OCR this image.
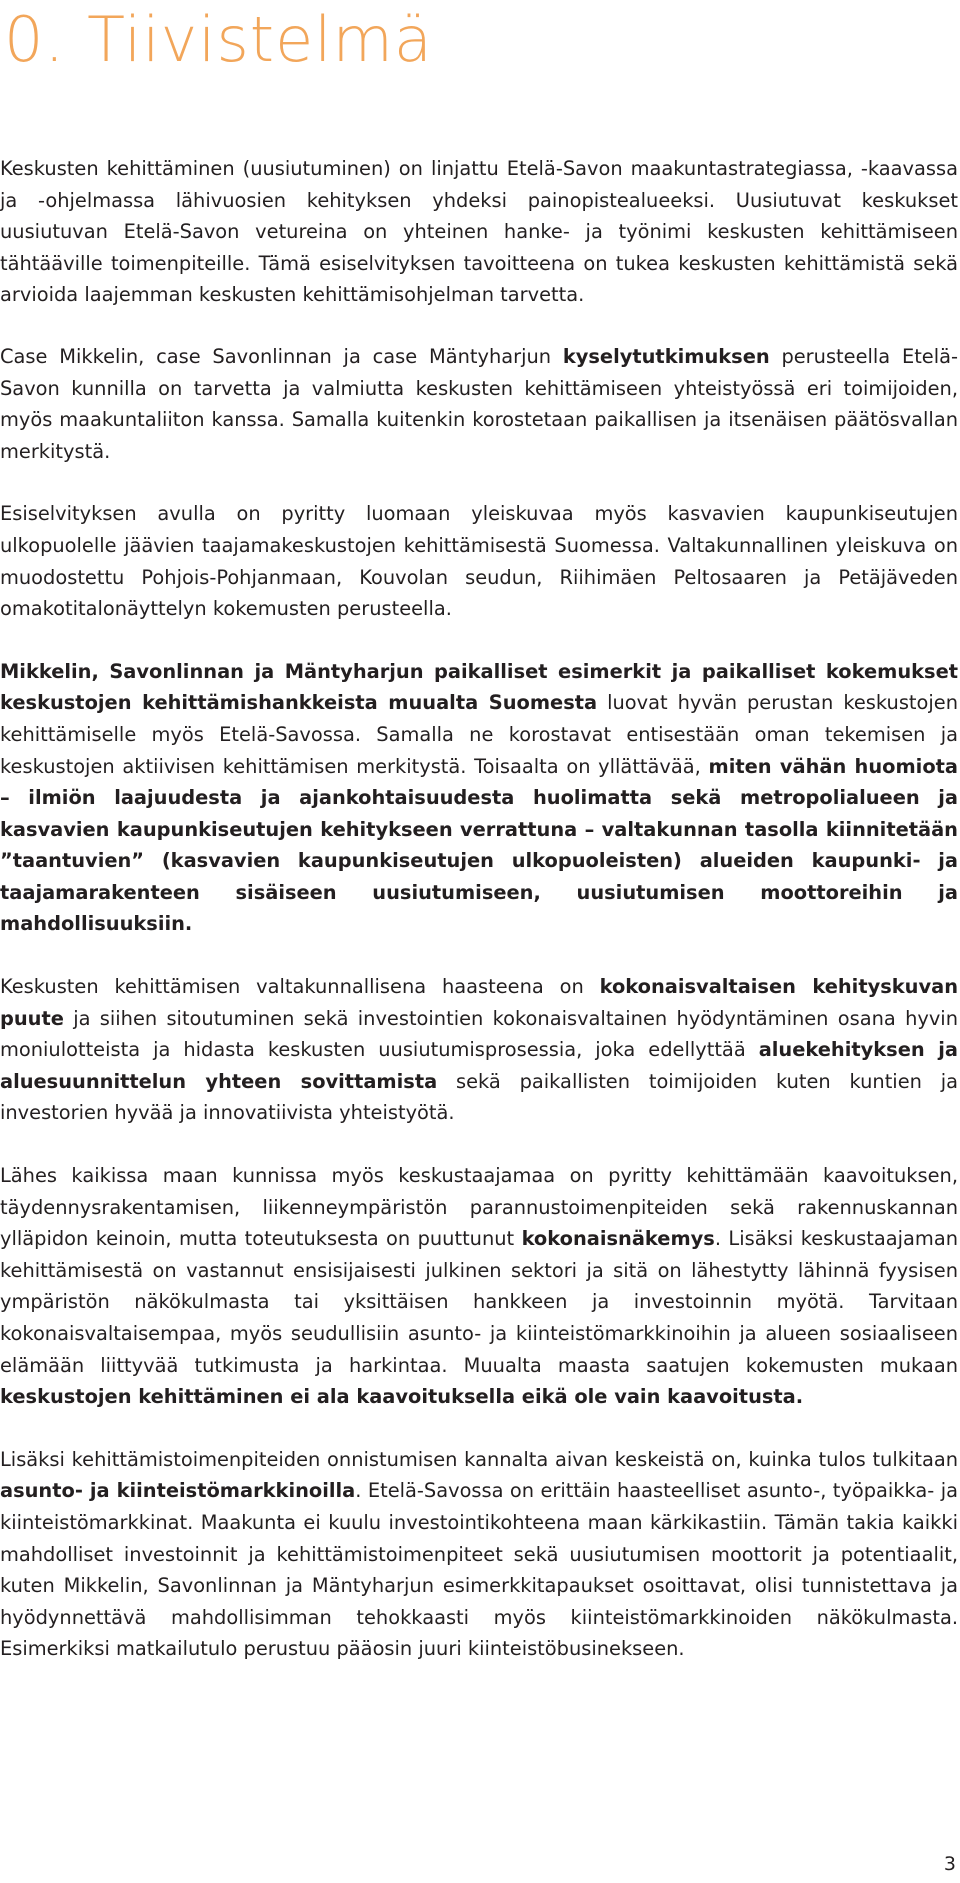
0. Tiivistelmä

Keskusten kehittäminen (uusiutuminen) on linjattu Etelä-Savon maakuntastrategiassa, -kaavassa ja -ohjelmassa lähivuosien kehityksen yhdeksi painopistealueeksi. Uusiutuvat keskukset uusiutuvan Etelä-Savon vetureina on yhteinen hanke- ja työnimi keskusten kehittämiseen tähtääville toimenpiteille. Tämä esiselvityksen tavoitteena on tukea keskusten kehittämistä sekä arvioida laajemman keskusten kehittämisohjelman tarvetta.

Case Mikkelin, case Savonlinnan ja case Mäntyharjun kyselytutkimuksen perusteella Etelä-Savon kunnilla on tarvetta ja valmiutta keskusten kehittämiseen yhteistyössä eri toimijoiden, myös maakuntaliiton kanssa. Samalla kuitenkin korostetaan paikallisen ja itsenäisen päätösvallan merkitystä.

Esiselvityksen avulla on pyritty luomaan yleiskuvaa myös kasvavien kaupunkiseutujen ulkopuolelle jäävien taajamakeskustojen kehittämisestä Suomessa. Valtakunnallinen yleiskuva on muodostettu Pohjois-Pohjanmaan, Kouvolan seudun, Riihimäen Peltosaaren ja Petäjäveden omakotitalonäyttelyn kokemusten perusteella.

Mikkelin, Savonlinnan ja Mäntyharjun paikalliset esimerkit ja paikalliset kokemukset keskustojen kehittämishankkeista muualta Suomesta luovat hyvän perustan keskustojen kehittämiselle myös Etelä-Savossa. Samalla ne korostavat entisestään oman tekemisen ja keskustojen aktiivisen kehittämisen merkitystä. Toisaalta on yllättävää, miten vähän huomiota – ilmiön laajuudesta ja ajankohtaisuudesta huolimatta sekä metropolialueen ja kasvavien kaupunkiseutujen kehitykseen verrattuna – valtakunnan tasolla kiinnitetään ”taantuvien” (kasvavien kaupunkiseutujen ulkopuoleisten) alueiden kaupunki- ja taajamarakenteen sisäiseen uusiutumiseen, uusiutumisen moottoreihin ja mahdollisuuksiin.

Keskusten kehittämisen valtakunnallisena haasteena on kokonaisvaltaisen kehityskuvan puute ja siihen sitoutuminen sekä investointien kokonaisvaltainen hyödyntäminen osana hyvin moniulotteista ja hidasta keskusten uusiutumisprosessia, joka edellyttää aluekehityksen ja aluesuunnittelun yhteen sovittamista sekä paikallisten toimijoiden kuten kuntien ja investorien hyvää ja innovatiivista yhteistyötä.

Lähes kaikissa maan kunnissa myös keskustaajamaa on pyritty kehittämään kaavoituksen, täydennysrakentamisen, liikenneympäristön parannustoimenpiteiden sekä rakennuskannan ylläpidon keinoin, mutta toteutuksesta on puuttunut kokonaisnäkemys. Lisäksi keskustaajaman kehittämisestä on vastannut ensisijaisesti julkinen sektori ja sitä on lähestytty lähinnä fyysisen ympäristön näkökulmasta tai yksittäisen hankkeen ja investoinnin myötä. Tarvitaan kokonaisvaltaisempaa, myös seudullisiin asunto- ja kiinteistömarkkinoihin ja alueen sosiaaliseen elämään liittyvää tutkimusta ja harkintaa. Muualta maasta saatujen kokemusten mukaan keskustojen kehittäminen ei ala kaavoituksella eikä ole vain kaavoitusta.

Lisäksi kehittämistoimenpiteiden onnistumisen kannalta aivan keskeistä on, kuinka tulos tulkitaan asunto- ja kiinteistömarkkinoilla. Etelä-Savossa on erittäin haasteelliset asunto-, työpaikka- ja kiinteistömarkkinat. Maakunta ei kuulu investointikohteena maan kärkikastiin. Tämän takia kaikki mahdolliset investoinnit ja kehittämistoimenpiteet sekä uusiutumisen moottorit ja potentiaalit, kuten Mikkelin, Savonlinnan ja Mäntyharjun esimerkkitapaukset osoittavat, olisi tunnistettava ja hyödynnettävä mahdollisimman tehokkaasti myös kiinteistömarkkinoiden näkökulmasta. Esimerkiksi matkailutulo perustuu pääosin juuri kiinteistöbusinekseen.

3
